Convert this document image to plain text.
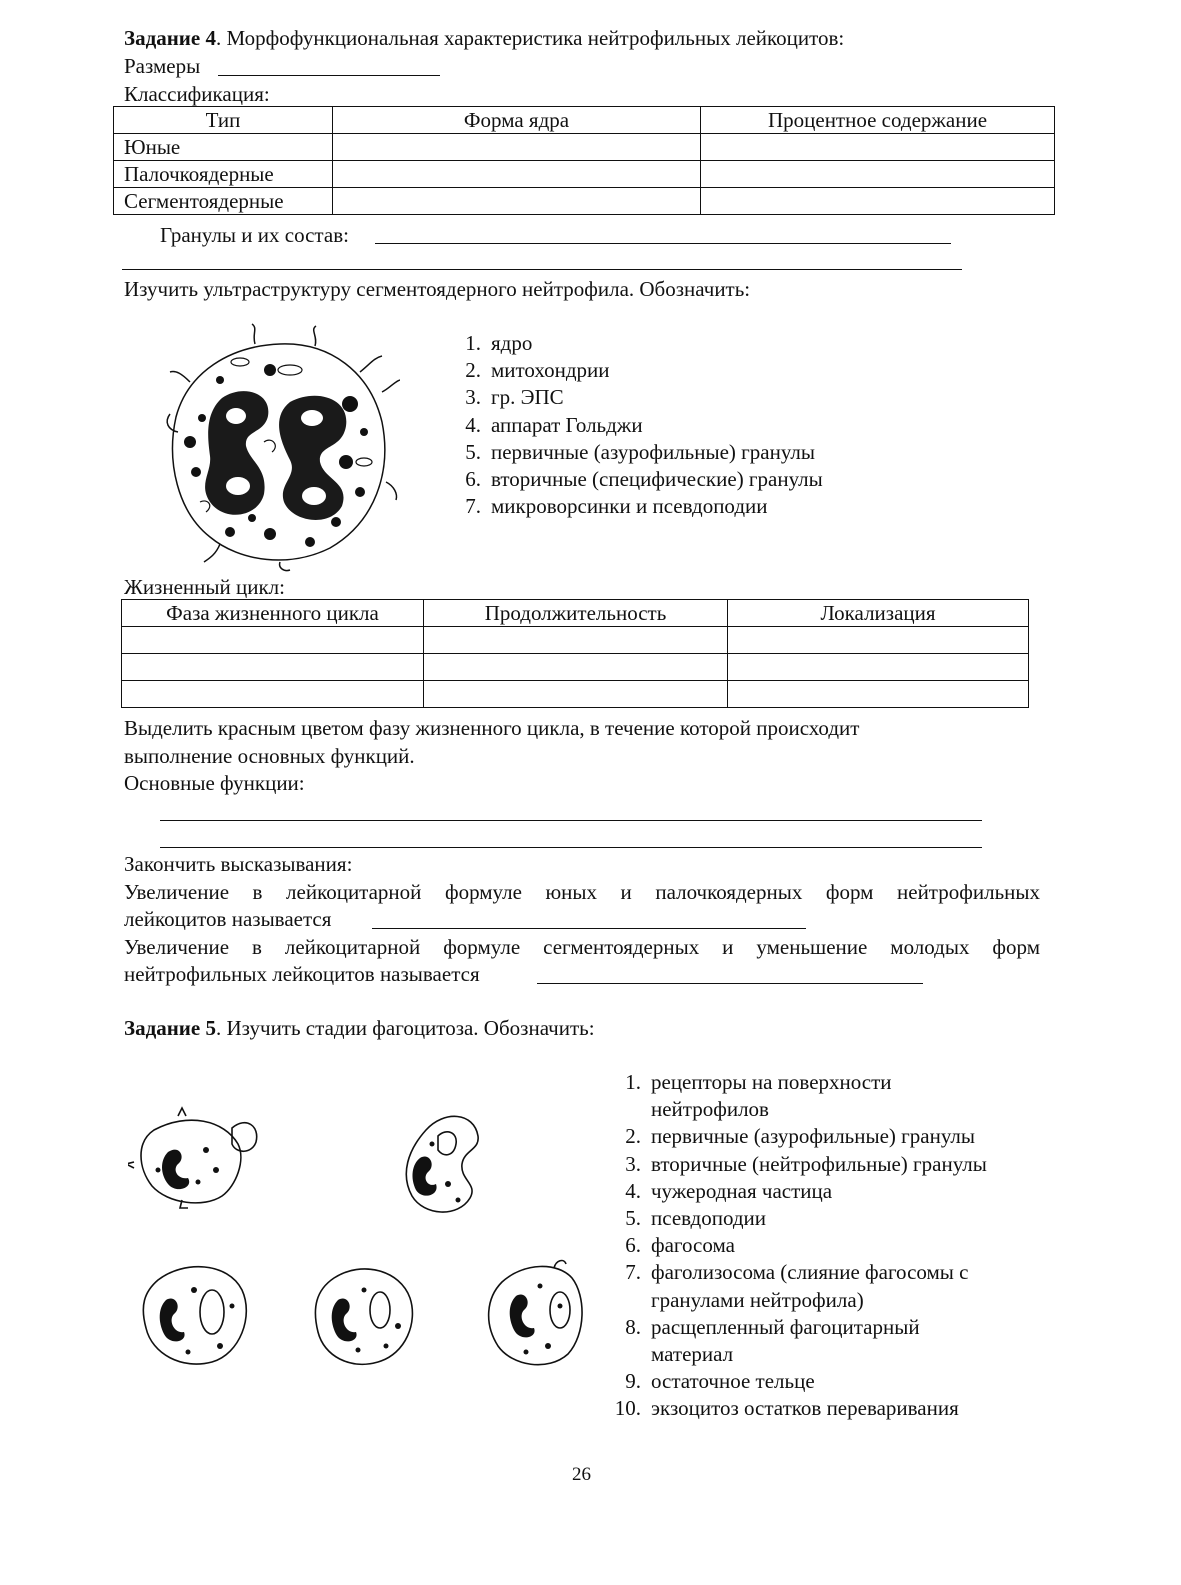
Задание 4. Морфофункциональная характеристика нейтрофильных лейкоцитов:
Размеры
Классификация:
Тип	Форма ядра	Процентное содержание
Юные		
Палочкоядерные		
Сегментоядерные		
Гранулы и их состав:
Изучить ультраструктуру сегментоядерного нейтрофила. Обозначить:
1. ядро
2. митохондрии
3. гр. ЭПС
4. аппарат Гольджи
5. первичные (азурофильные) гранулы
6. вторичные (специфические) гранулы
7. микроворсинки и псевдоподии
Жизненный цикл:
Фаза жизненного цикла	Продолжительность	Локализация

Выделить красным цветом фазу жизненного цикла, в течение которой происходит
выполнение основных функций.
Основные функции:
Закончить высказывания:
Увеличение в лейкоцитарной формуле юных и палочкоядерных форм нейтрофильных
лейкоцитов называется
Увеличение в лейкоцитарной формуле сегментоядерных и уменьшение молодых форм
нейтрофильных лейкоцитов называется
Задание 5. Изучить стадии фагоцитоза. Обозначить:
1. рецепторы на поверхности
нейтрофилов
2. первичные (азурофильные) гранулы
3. вторичные (нейтрофильные) гранулы
4. чужеродная частица
5. псевдоподии
6. фагосома
7. фаголизосома (слияние фагосомы с
гранулами нейтрофила)
8. расщепленный фагоцитарный
материал
9. остаточное тельце
10. экзоцитоз остатков переваривания
26
